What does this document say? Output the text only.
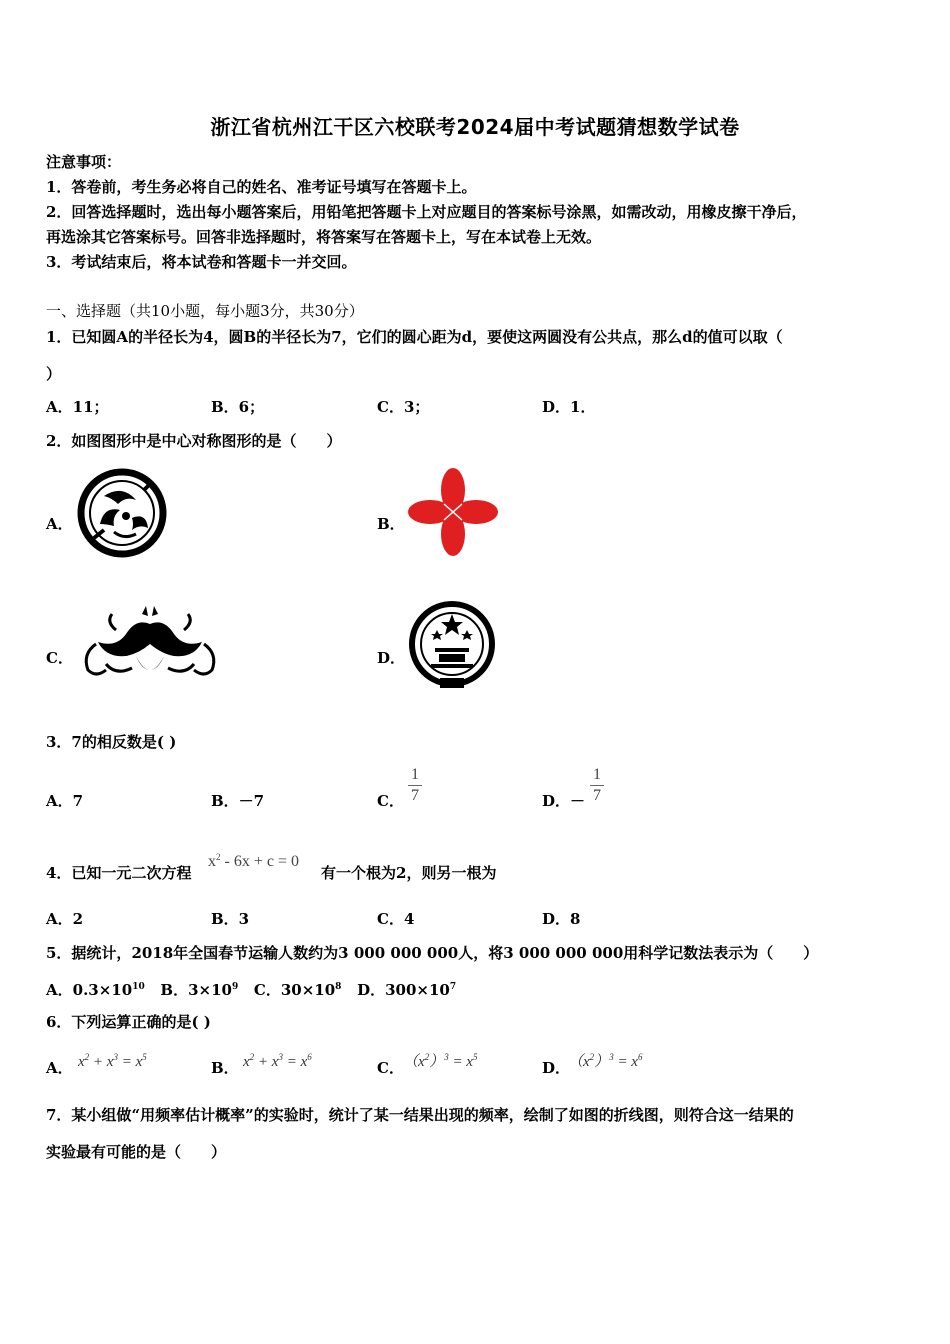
浙江省杭州江干区六校联考2024届中考试题猜想数学试卷
注意事项：
1．答卷前，考生务必将自己的姓名、准考证号填写在答题卡上。
2．回答选择题时，选出每小题答案后，用铅笔把答题卡上对应题目的答案标号涂黑，如需改动，用橡皮擦干净后，
再选涂其它答案标号。回答非选择题时，将答案写在答题卡上，写在本试卷上无效。
3．考试结束后，将本试卷和答题卡一并交回。
一、选择题（共10小题，每小题3分，共30分）
1．已知圆A的半径长为4，圆B的半径长为7，它们的圆心距为d，要使这两圆没有公共点，那么d的值可以取（
）
A．11；	B．6；	C．3；	D．1．
2．如图图形中是中心对称图形的是（　　）
A．	B．
C．	D．
3．7的相反数是( )
A．7	B．－7	C．
1
7	D．－
1
7
4．已知一元二次方程
$x^2 - 6x + c = 0$
有一个根为2，则另一根为
A．2	B．3	C．4	D．8
5．据统计，2018年全国春节运输人数约为3 000 000 000人，将3 000 000 000用科学记数法表示为（　　）
A．$0.3\times 10^{10}$ B．$3\times 10^9$ C．$30\times 10^8$ D．$300\times 10^7$
6．下列运算正确的是( )
A． $x^2 + x^3 = x^5$
B． $x^2 + x^3 = x^6$
C． $(x^2)^3 = x^5$
D．
$(x^2)^3 = x^6$
7．某小组做“用频率估计概率”的实验时，统计了某一结果出现的频率，绘制了如图的折线图，则符合这一结果的
实验最有可能的是（　　）
